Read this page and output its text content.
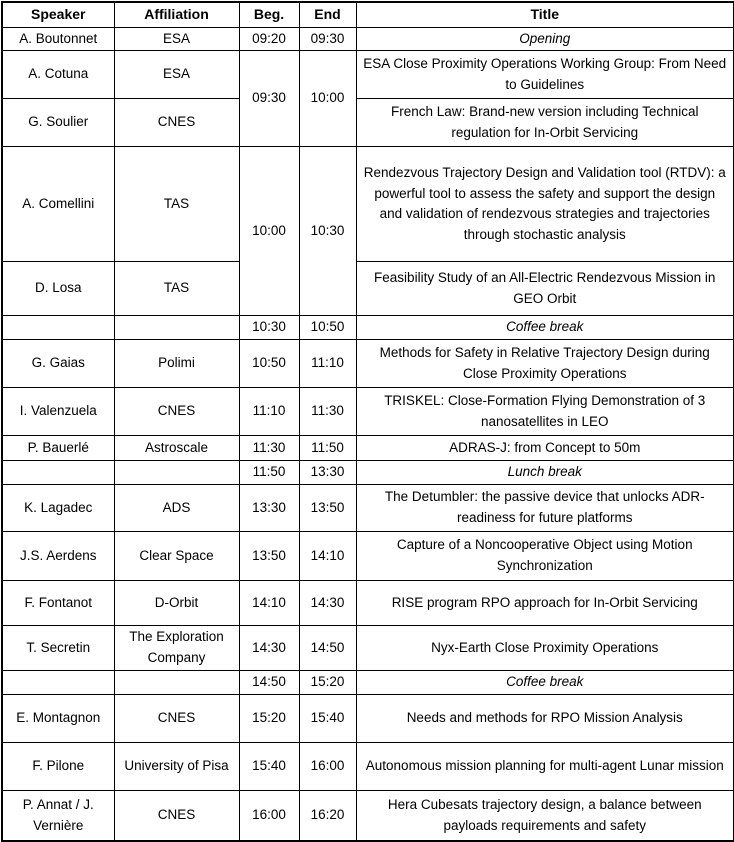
Speaker	Affiliation	Beg.	End	Title
A. Boutonnet	ESA	09:20	09:30	Opening
A. Cotuna	ESA	09:30	10:00	ESA Close Proximity Operations Working Group: From Need to Guidelines
G. Soulier	CNES			French Law: Brand-new version including Technical regulation for In-Orbit Servicing
A. Comellini	TAS	10:00	10:30	Rendezvous Trajectory Design and Validation tool (RTDV): a powerful tool to assess the safety and support the design and validation of rendezvous strategies and trajectories through stochastic analysis
D. Losa	TAS			Feasibility Study of an All-Electric Rendezvous Mission in GEO Orbit
		10:30	10:50	Coffee break
G. Gaias	Polimi	10:50	11:10	Methods for Safety in Relative Trajectory Design during Close Proximity Operations
I. Valenzuela	CNES	11:10	11:30	TRISKEL: Close-Formation Flying Demonstration of 3 nanosatellites in LEO
P. Bauerlé	Astroscale	11:30	11:50	ADRAS-J: from Concept to 50m
		11:50	13:30	Lunch break
K. Lagadec	ADS	13:30	13:50	The Detumbler: the passive device that unlocks ADR-readiness for future platforms
J.S. Aerdens	Clear Space	13:50	14:10	Capture of a Noncooperative Object using Motion Synchronization
F. Fontanot	D-Orbit	14:10	14:30	RISE program RPO approach for In-Orbit Servicing
T. Secretin	The Exploration Company	14:30	14:50	Nyx-Earth Close Proximity Operations
		14:50	15:20	Coffee break
E. Montagnon	CNES	15:20	15:40	Needs and methods for RPO Mission Analysis
F. Pilone	University of Pisa	15:40	16:00	Autonomous mission planning for multi-agent Lunar mission
P. Annat / J. Vernière	CNES	16:00	16:20	Hera Cubesats trajectory design, a balance between payloads requirements and safety
